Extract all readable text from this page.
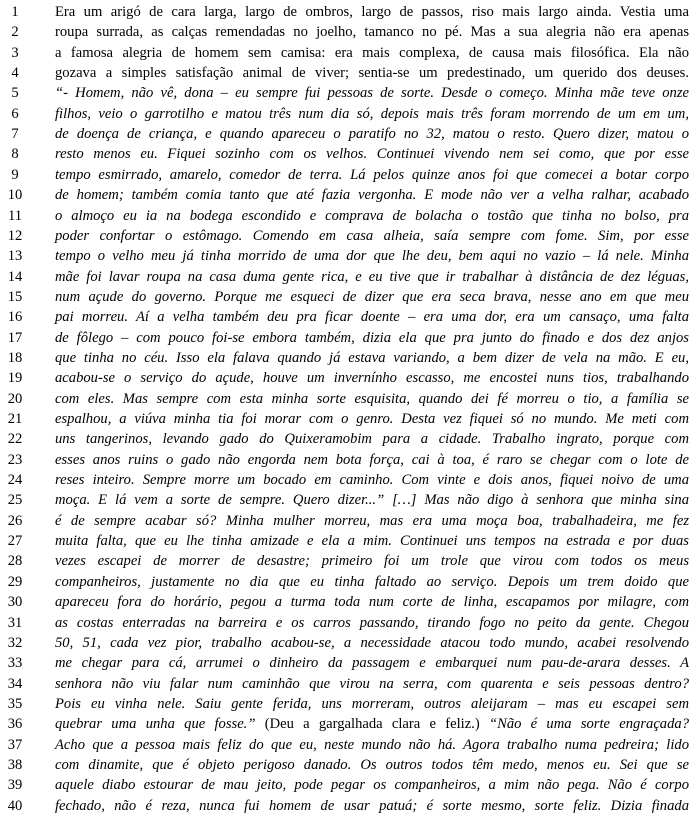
1	Era um arigó de cara larga, largo de ombros, largo de passos, riso mais largo ainda. Vestia uma
2	roupa surrada, as calças remendadas no joelho, tamanco no pé. Mas a sua alegria não era apenas
3	a famosa alegria de homem sem camisa: era mais complexa, de causa mais filosófica. Ela não
4	gozava a simples satisfação animal de viver; sentia-se um predestinado, um querido dos deuses.
5	“- Homem, não vê, dona – eu sempre fui pessoas de sorte. Desde o começo. Minha mãe teve onze
6	filhos, veio o garrotilho e matou três num dia só, depois mais três foram morrendo de um em um,
7	de doença de criança, e quando apareceu o paratifo no 32, matou o resto. Quero dizer, matou o
8	resto menos eu. Fiquei sozinho com os velhos. Continuei vivendo nem sei como, que por esse
9	tempo esmirrado, amarelo, comedor de terra. Lá pelos quinze anos foi que comecei a botar corpo
10	de homem; também comia tanto que até fazia vergonha. E mode não ver a velha ralhar, acabado
11	o almoço eu ia na bodega escondido e comprava de bolacha o tostão que tinha no bolso, pra
12	poder confortar o estômago. Comendo em casa alheia, saía sempre com fome. Sim, por esse
13	tempo o velho meu já tinha morrido de uma dor que lhe deu, bem aqui no vazio – lá nele. Minha
14	mãe foi lavar roupa na casa duma gente rica, e eu tive que ir trabalhar à distância de dez léguas,
15	num açude do governo. Porque me esqueci de dizer que era seca brava, nesse ano em que meu
16	pai morreu. Aí a velha também deu pra ficar doente – era uma dor, era um cansaço, uma falta
17	de fôlego – com pouco foi-se embora também, dizia ela que pra junto do finado e dos dez anjos
18	que tinha no céu. Isso ela falava quando já estava variando, a bem dizer de vela na mão. E eu,
19	acabou-se o serviço do açude, houve um invernínho escasso, me encostei nuns tios, trabalhando
20	com eles. Mas sempre com esta minha sorte esquisita, quando dei fé morreu o tio, a família se
21	espalhou, a viúva minha tia foi morar com o genro. Desta vez fiquei só no mundo. Me meti com
22	uns tangerinos, levando gado do Quixeramobim para a cidade. Trabalho ingrato, porque com
23	esses anos ruins o gado não engorda nem bota força, cai à toa, é raro se chegar com o lote de
24	reses inteiro. Sempre morre um bocado em caminho. Com vinte e dois anos, fiquei noivo de uma
25	moça. E lá vem a sorte de sempre. Quero dizer...” […] Mas não digo à senhora que minha sina
26	é de sempre acabar só? Minha mulher morreu, mas era uma moça boa, trabalhadeira, me fez
27	muita falta, que eu lhe tinha amizade e ela a mim. Continuei uns tempos na estrada e por duas
28	vezes escapei de morrer de desastre; primeiro foi um trole que virou com todos os meus
29	companheiros, justamente no dia que eu tinha faltado ao serviço. Depois um trem doido que
30	apareceu fora do horário, pegou a turma toda num corte de linha, escapamos por milagre, com
31	as costas enterradas na barreira e os carros passando, tirando fogo no peito da gente. Chegou
32	50, 51, cada vez pior, trabalho acabou-se, a necessidade atacou todo mundo, acabei resolvendo
33	me chegar para cá, arrumei o dinheiro da passagem e embarquei num pau-de-arara desses. A
34	senhora não viu falar num caminhão que virou na serra, com quarenta e seis pessoas dentro?
35	Pois eu vinha nele. Saiu gente ferida, uns morreram, outros aleijaram – mas eu escapei sem
36	quebrar uma unha que fosse.” (Deu a gargalhada clara e feliz.) “Não é uma sorte engraçada?
37	Acho que a pessoa mais feliz do que eu, neste mundo não há. Agora trabalho numa pedreira; lido
38	com dinamite, que é objeto perigoso danado. Os outros todos têm medo, menos eu. Sei que se
39	aquele diabo estourar de mau jeito, pode pegar os companheiros, a mim não pega. Não é corpo
40	fechado, não é reza, nunca fui homem de usar patuá; é sorte mesmo, sorte feliz. Dizia finada
